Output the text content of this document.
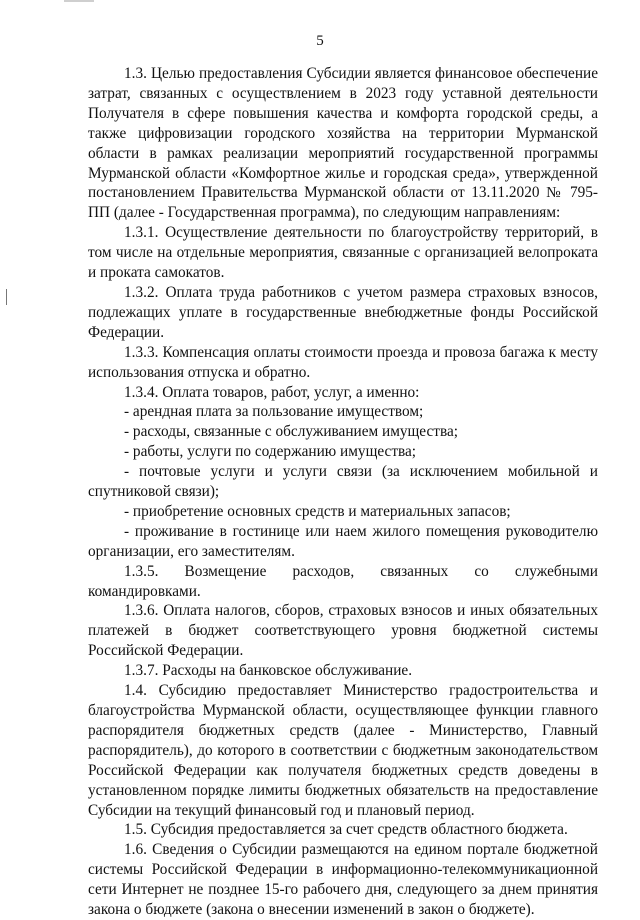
5

1.3. Целью предоставления Субсидии является финансовое обеспечение затрат, связанных с осуществлением в 2023 году уставной деятельности Получателя в сфере повышения качества и комфорта городской среды, а также цифровизации городского хозяйства на территории Мурманской области в рамках реализации мероприятий государственной программы Мурманской области «Комфортное жилье и городская среда», утвержденной постановлением Правительства Мурманской области от 13.11.2020 № 795-ПП (далее - Государственная программа), по следующим направлениям:

1.3.1. Осуществление деятельности по благоустройству территорий, в том числе на отдельные мероприятия, связанные с организацией велопроката и проката самокатов.

1.3.2. Оплата труда работников с учетом размера страховых взносов, подлежащих уплате в государственные внебюджетные фонды Российской Федерации.

1.3.3. Компенсация оплаты стоимости проезда и провоза багажа к месту использования отпуска и обратно.

1.3.4. Оплата товаров, работ, услуг, а именно:

- арендная плата за пользование имуществом;

- расходы, связанные с обслуживанием имущества;

- работы, услуги по содержанию имущества;

- почтовые услуги и услуги связи (за исключением мобильной и спутниковой связи);

- приобретение основных средств и материальных запасов;

- проживание в гостинице или наем жилого помещения руководителю организации, его заместителям.

1.3.5. Возмещение расходов, связанных со служебными командировками.

1.3.6. Оплата налогов, сборов, страховых взносов и иных обязательных платежей в бюджет соответствующего уровня бюджетной системы Российской Федерации.

1.3.7. Расходы на банковское обслуживание.

1.4. Субсидию предоставляет Министерство градостроительства и благоустройства Мурманской области, осуществляющее функции главного распорядителя бюджетных средств (далее - Министерство, Главный распорядитель), до которого в соответствии с бюджетным законодательством Российской Федерации как получателя бюджетных средств доведены в установленном порядке лимиты бюджетных обязательств на предоставление Субсидии на текущий финансовый год и плановый период.

1.5. Субсидия предоставляется за счет средств областного бюджета.

1.6. Сведения о Субсидии размещаются на едином портале бюджетной системы Российской Федерации в информационно-телекоммуникационной сети Интернет не позднее 15-го рабочего дня, следующего за днем принятия закона о бюджете (закона о внесении изменений в закон о бюджете).
